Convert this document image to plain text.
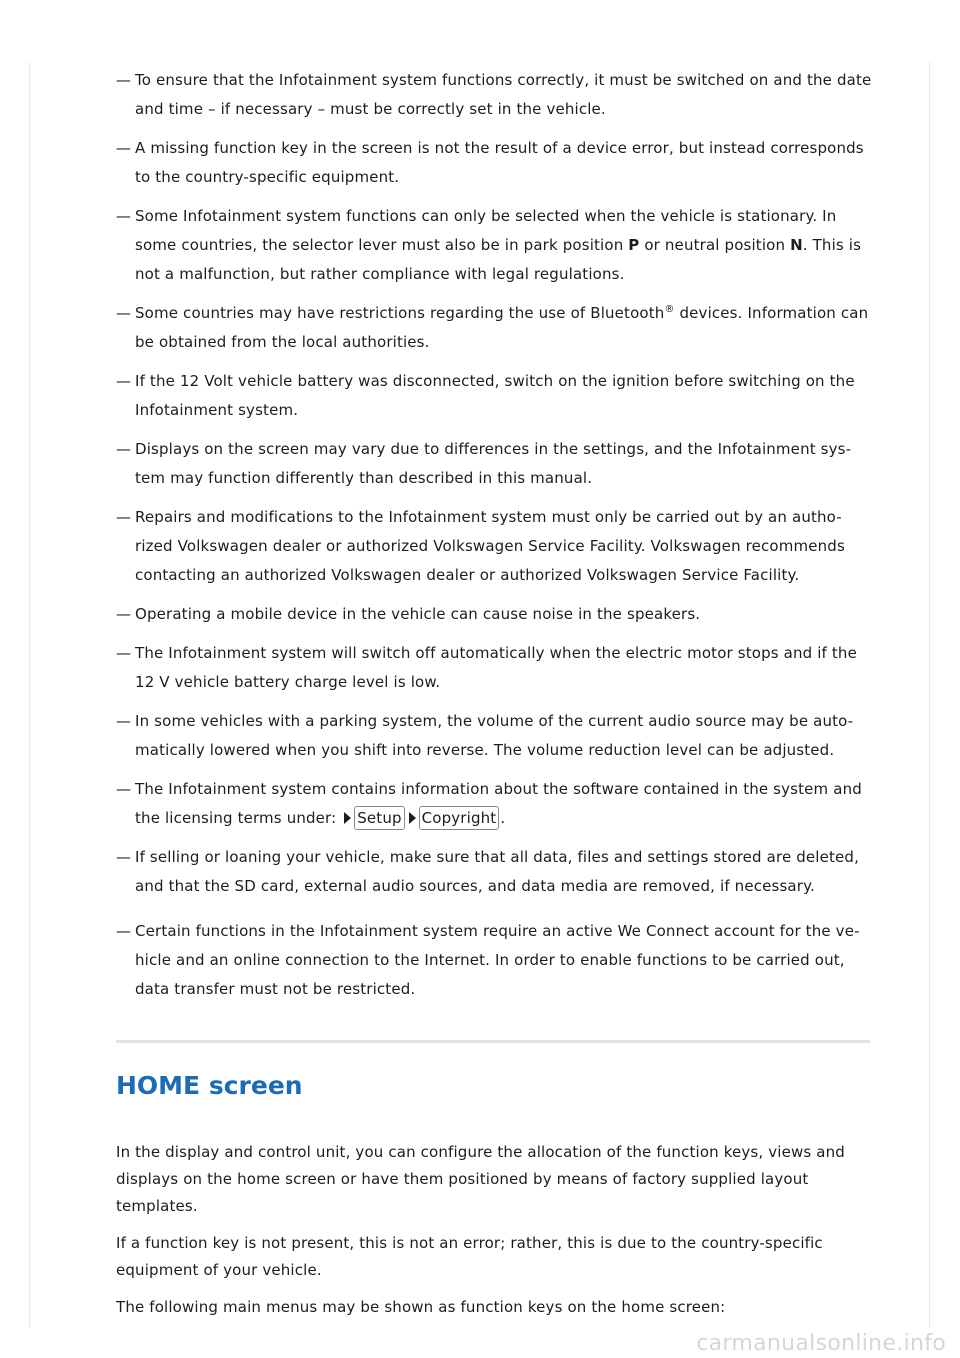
— To ensure that the Infotainment system functions correctly, it must be switched on and the date and time – if necessary – must be correctly set in the vehicle.
— A missing function key in the screen is not the result of a device error, but instead corresponds to the country-specific equipment.
— Some Infotainment system functions can only be selected when the vehicle is stationary. In some countries, the selector lever must also be in park position P or neutral position N. This is not a malfunction, but rather compliance with legal regulations.
— Some countries may have restrictions regarding the use of Bluetooth® devices. Information can be obtained from the local authorities.
— If the 12 Volt vehicle battery was disconnected, switch on the ignition before switching on the Infotainment system.
— Displays on the screen may vary due to differences in the settings, and the Infotainment sys-tem may function differently than described in this manual.
— Repairs and modifications to the Infotainment system must only be carried out by an autho-rized Volkswagen dealer or authorized Volkswagen Service Facility. Volkswagen recommends contacting an authorized Volkswagen dealer or authorized Volkswagen Service Facility.
— Operating a mobile device in the vehicle can cause noise in the speakers.
— The Infotainment system will switch off automatically when the electric motor stops and if the 12 V vehicle battery charge level is low.
— In some vehicles with a parking system, the volume of the current audio source may be auto-matically lowered when you shift into reverse. The volume reduction level can be adjusted.
— The Infotainment system contains information about the software contained in the system and the licensing terms under: Setup Copyright .
— If selling or loaning your vehicle, make sure that all data, files and settings stored are deleted, and that the SD card, external audio sources, and data media are removed, if necessary.
— Certain functions in the Infotainment system require an active We Connect account for the ve-hicle and an online connection to the Internet. In order to enable functions to be carried out, data transfer must not be restricted.
HOME screen

In the display and control unit, you can configure the allocation of the function keys, views and displays on the home screen or have them positioned by means of factory supplied layout templates.

If a function key is not present, this is not an error; rather, this is due to the country-specific equipment of your vehicle.

The following main menus may be shown as function keys on the home screen:

carmanualsonline.info
